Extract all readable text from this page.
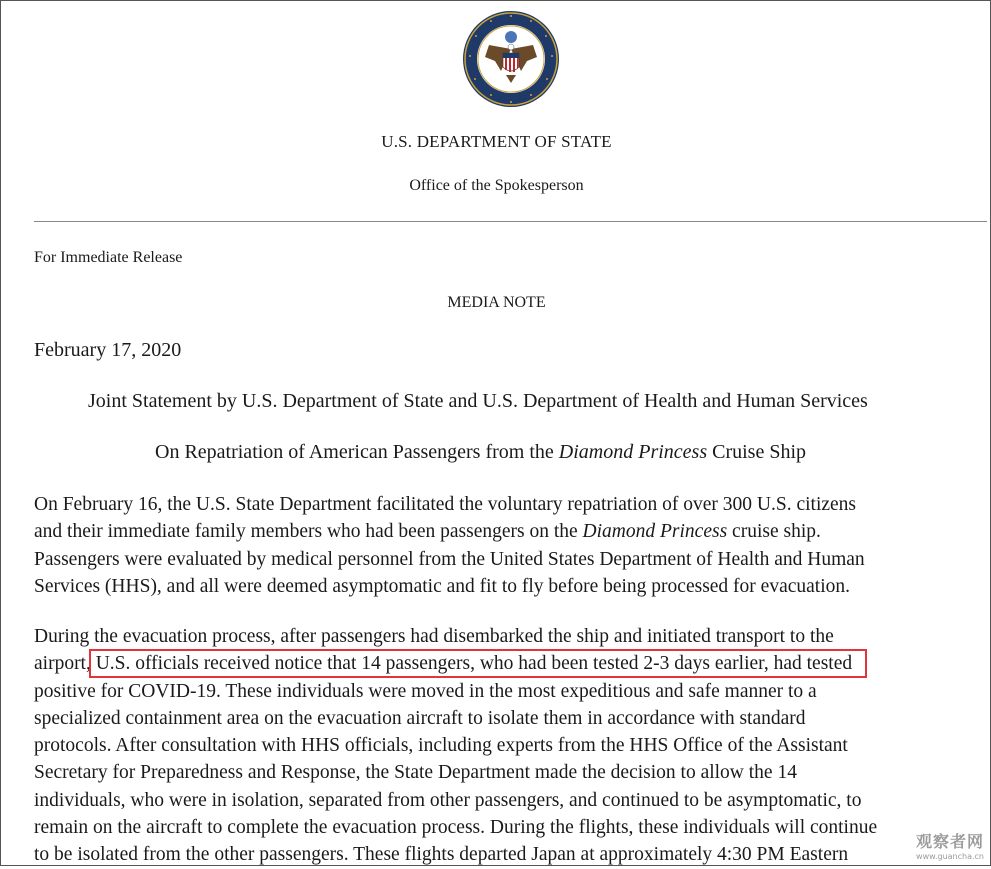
U.S. DEPARTMENT OF STATE
Office of the Spokesperson
For Immediate Release
MEDIA NOTE
February 17, 2020
Joint Statement by U.S. Department of State and U.S. Department of Health and Human Services
On Repatriation of American Passengers from the Diamond Princess Cruise Ship
On February 16, the U.S. State Department facilitated the voluntary repatriation of over 300 U.S. citizens
and their immediate family members who had been passengers on the Diamond Princess cruise ship.
Passengers were evaluated by medical personnel from the United States Department of Health and Human
Services (HHS), and all were deemed asymptomatic and fit to fly before being processed for evacuation.
During the evacuation process, after passengers had disembarked the ship and initiated transport to the
airport, U.S. officials received notice that 14 passengers, who had been tested 2-3 days earlier, had tested
positive for COVID-19. These individuals were moved in the most expeditious and safe manner to a
specialized containment area on the evacuation aircraft to isolate them in accordance with standard
protocols. After consultation with HHS officials, including experts from the HHS Office of the Assistant
Secretary for Preparedness and Response, the State Department made the decision to allow the 14
individuals, who were in isolation, separated from other passengers, and continued to be asymptomatic, to
remain on the aircraft to complete the evacuation process. During the flights, these individuals will continue
to be isolated from the other passengers. These flights departed Japan at approximately 4:30 PM Eastern
观察者网
www.guancha.cn
